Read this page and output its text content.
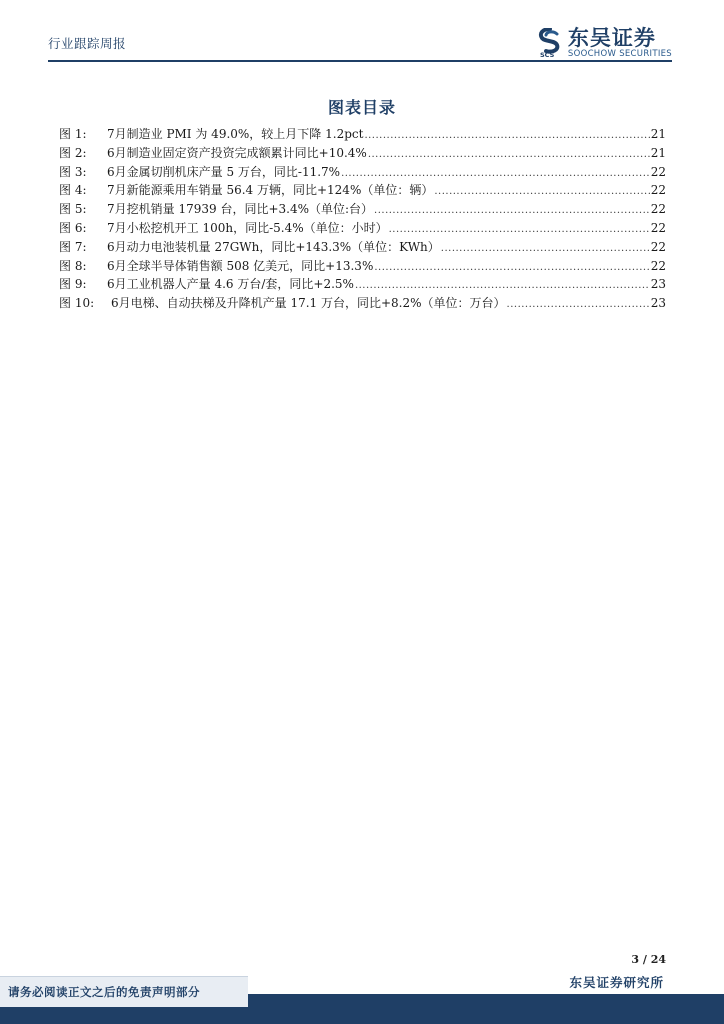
行业跟踪周报
SCS
东吴证券
SOOCHOW SECURITIES
图表目录
图 1:	7月制造业 PMI 为 49.0%，较上月下降 1.2pct .....	21
图 2:	6月制造业固定资产投资完成额累计同比+10.4% .....	21
图 3:	6月金属切削机床产量 5 万台，同比-11.7% .....	22
图 4:	7月新能源乘用车销量 56.4 万辆，同比+124%（单位：辆） .....	22
图 5:	7月挖机销量 17939 台，同比+3.4%（单位:台） .....	22
图 6:	7月小松挖机开工 100h，同比-5.4%（单位：小时） .....	22
图 7:	6月动力电池装机量 27GWh，同比+143.3%（单位：KWh） .....	22
图 8:	6月全球半导体销售额 508 亿美元，同比+13.3% .....	22
图 9:	6月工业机器人产量 4.6 万台/套，同比+2.5% .....	23
图 10:	6月电梯、自动扶梯及升降机产量 17.1 万台，同比+8.2%（单位：万台） .....	23
3 / 24
东吴证券研究所
请务必阅读正文之后的免责声明部分
